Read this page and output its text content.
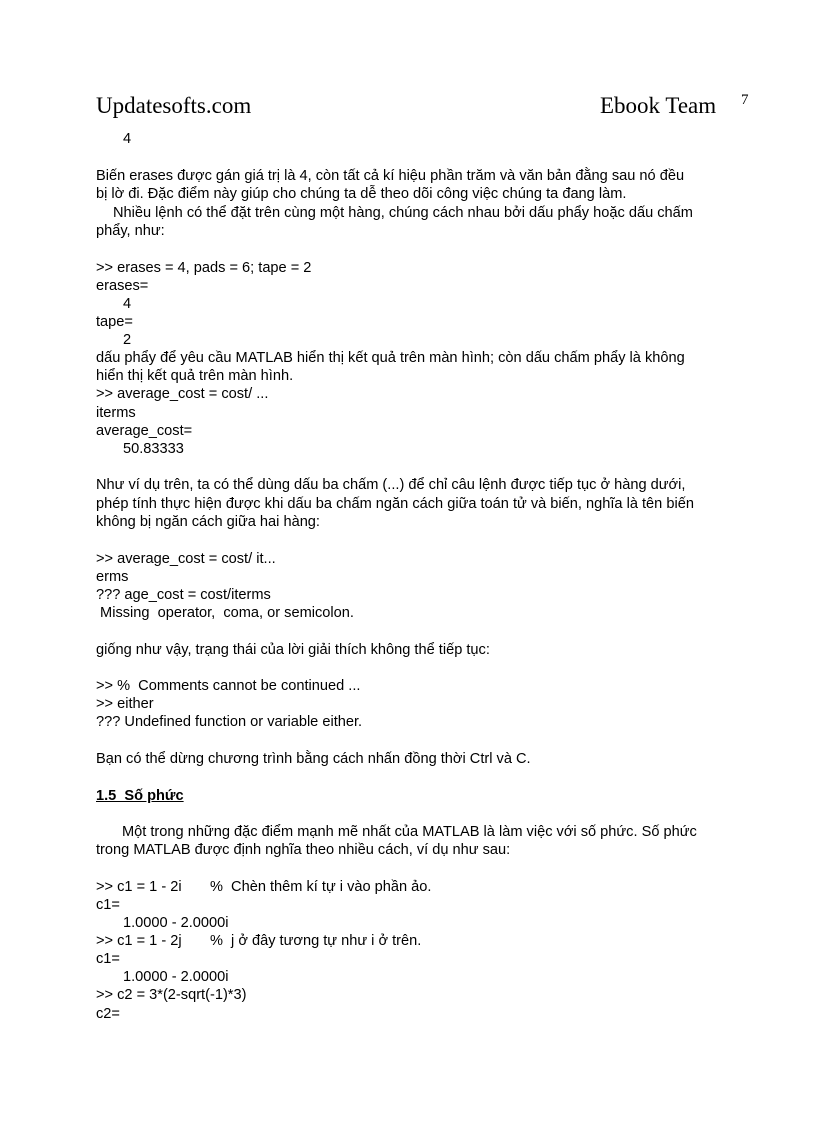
Updatesofts.com	Ebook Team 7
4
Biến erases được gán giá trị là 4, còn tất cả kí hiệu phần trăm và văn bản đằng sau nó đều
bị lờ đi. Đặc điểm này giúp cho chúng ta dễ theo dõi công việc chúng ta đang làm.
Nhiều lệnh có thể đặt trên cùng một hàng, chúng cách nhau bởi dấu phẩy hoặc dấu chấm
phẩy, như:
>> erases = 4, pads = 6; tape = 2
erases=
4
tape=
2
dấu phẩy để yêu cầu MATLAB hiển thị kết quả trên màn hình; còn dấu chấm phẩy là không
hiển thị kết quả trên màn hình.
>> average_cost = cost/ ...
iterms
average_cost=
50.83333
Như ví dụ trên, ta có thể dùng dấu ba chấm (...) để chỉ câu lệnh được tiếp tục ở hàng dưới,
phép tính thực hiện được khi dấu ba chấm ngăn cách giữa toán tử và biến, nghĩa là tên biến
không bị ngăn cách giữa hai hàng:
>> average_cost = cost/ it...
erms
??? age_cost = cost/iterms
Missing  operator,  coma, or semicolon.
giống như vậy, trạng thái của lời giải thích không thể tiếp tục:
>> %  Comments cannot be continued ...
>> either
??? Undefined function or variable either.
Bạn có thể dừng chương trình bằng cách nhấn đồng thời Ctrl và C.
1.5  Số phức
Một trong những đặc điểm mạnh mẽ nhất của MATLAB là làm việc với số phức. Số phức
trong MATLAB được định nghĩa theo nhiều cách, ví dụ như sau:
>> c1 = 1 - 2i       %  Chèn thêm kí tự i vào phần ảo.
c1=
1.0000 - 2.0000i
>> c1 = 1 - 2j       %  j ở đây tương tự như i ở trên.
c1=
1.0000 - 2.0000i
>> c2 = 3*(2-sqrt(-1)*3)
c2=
